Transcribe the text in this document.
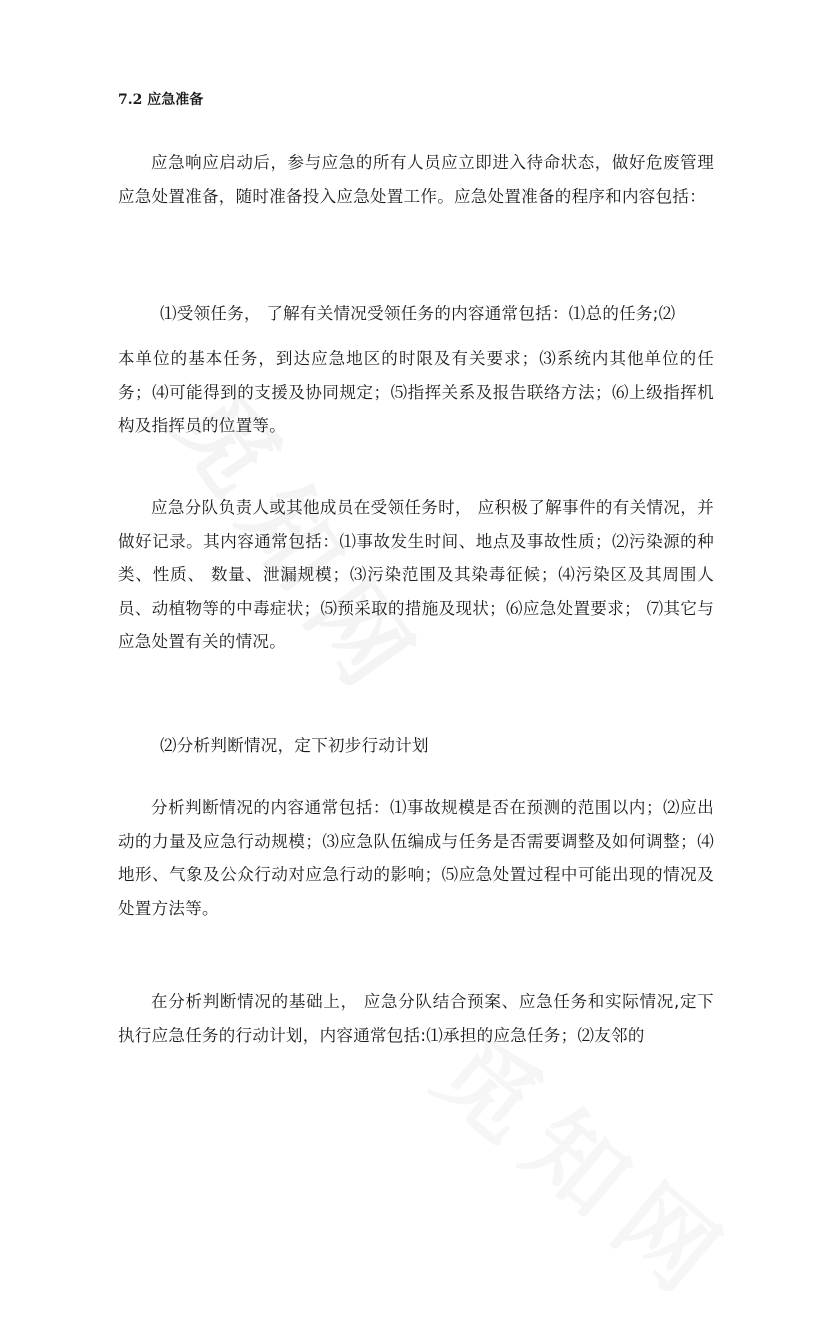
7.2 应急准备

应急响应启动后，参与应急的所有人员应立即进入待命状态，做好危废管理应急处置准备，随时准备投入应急处置工作。应急处置准备的程序和内容包括：

⑴受领任务， 了解有关情况受领任务的内容通常包括：⑴总的任务;⑵

本单位的基本任务，到达应急地区的时限及有关要求；⑶系统内其他单位的任务；⑷可能得到的支援及协同规定；⑸指挥关系及报告联络方法；⑹上级指挥机构及指挥员的位置等。

应急分队负责人或其他成员在受领任务时， 应积极了解事件的有关情况，并做好记录。其内容通常包括：⑴事故发生时间、地点及事故性质；⑵污染源的种类、性质、 数量、泄漏规模；⑶污染范围及其染毒征候；⑷污染区及其周围人员、动植物等的中毒症状；⑸预采取的措施及现状；⑹应急处置要求； ⑺其它与应急处置有关的情况。

⑵分析判断情况，定下初步行动计划

分析判断情况的内容通常包括：⑴事故规模是否在预测的范围以内；⑵应出动的力量及应急行动规模；⑶应急队伍编成与任务是否需要调整及如何调整；⑷地形、气象及公众行动对应急行动的影响；⑸应急处置过程中可能出现的情况及处置方法等。

在分析判断情况的基础上， 应急分队结合预案、应急任务和实际情况,定下执行应急任务的行动计划，内容通常包括:⑴承担的应急任务；⑵友邻的
